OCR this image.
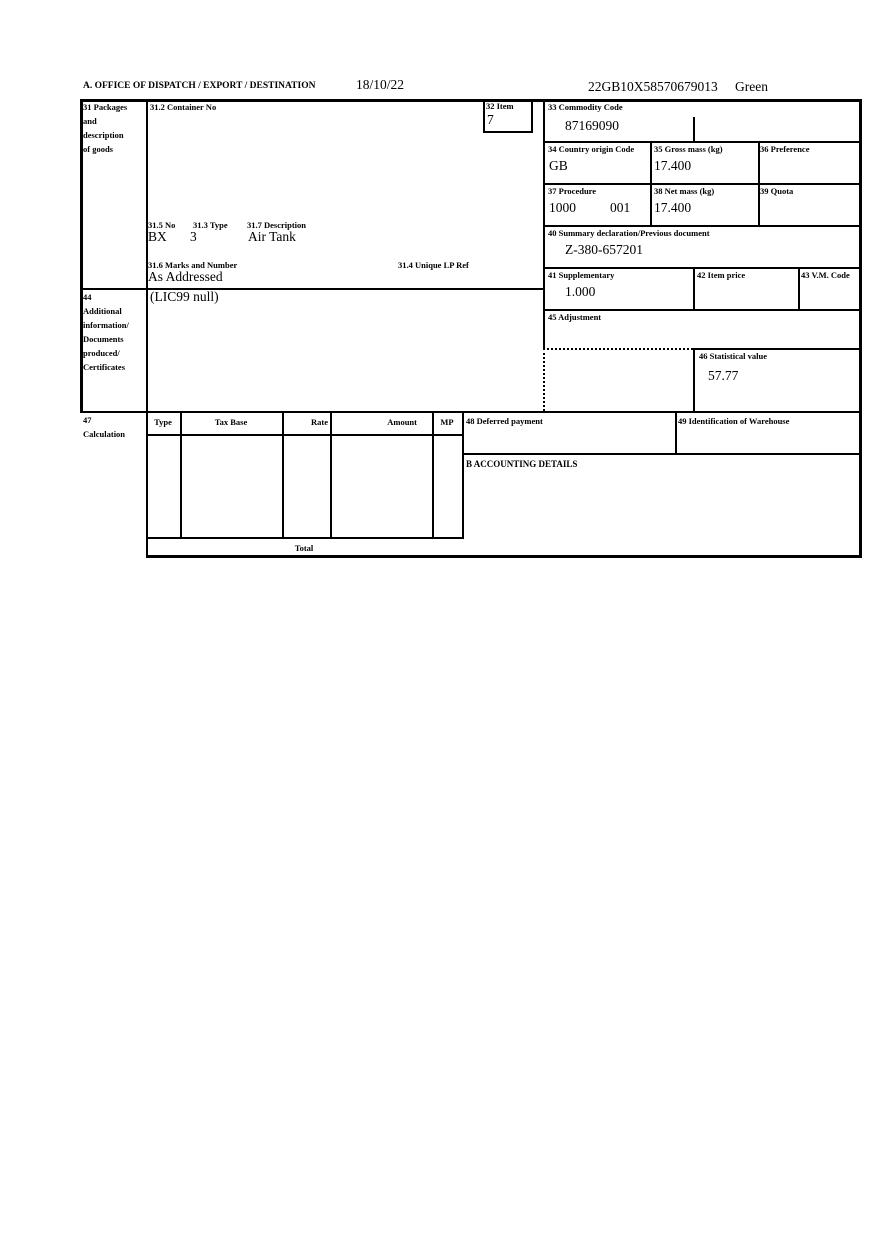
A. OFFICE OF DISPATCH / EXPORT / DESTINATION	18/10/22	22GB10X58570679013 Green
31 Packages
and
description
of goods
31.2 Container No	32 Item
7
31.5 No 31.3 Type 31.7 Description
BX 3	Air Tank
31.6 Marks and Number	31.4 Unique LP Ref
As Addressed
44
Additional
information/
Documents
produced/
Certificates
(LIC99 null)
33 Commodity Code
87169090
34 Country origin Code
GB
35 Gross mass (kg)
17.400
36 Preference
37 Procedure
1000	001
38 Net mass (kg)
17.400
39 Quota
40 Summary declaration/Previous document
Z-380-657201
41 Supplementary
1.000
42 Item price	43 V.M. Code
45 Adjustment
46 Statistical value
57.77
47
Calculation
Type	Tax Base	Rate	Amount	MP
Total
48 Deferred payment	49 Identification of Warehouse
B ACCOUNTING DETAILS
